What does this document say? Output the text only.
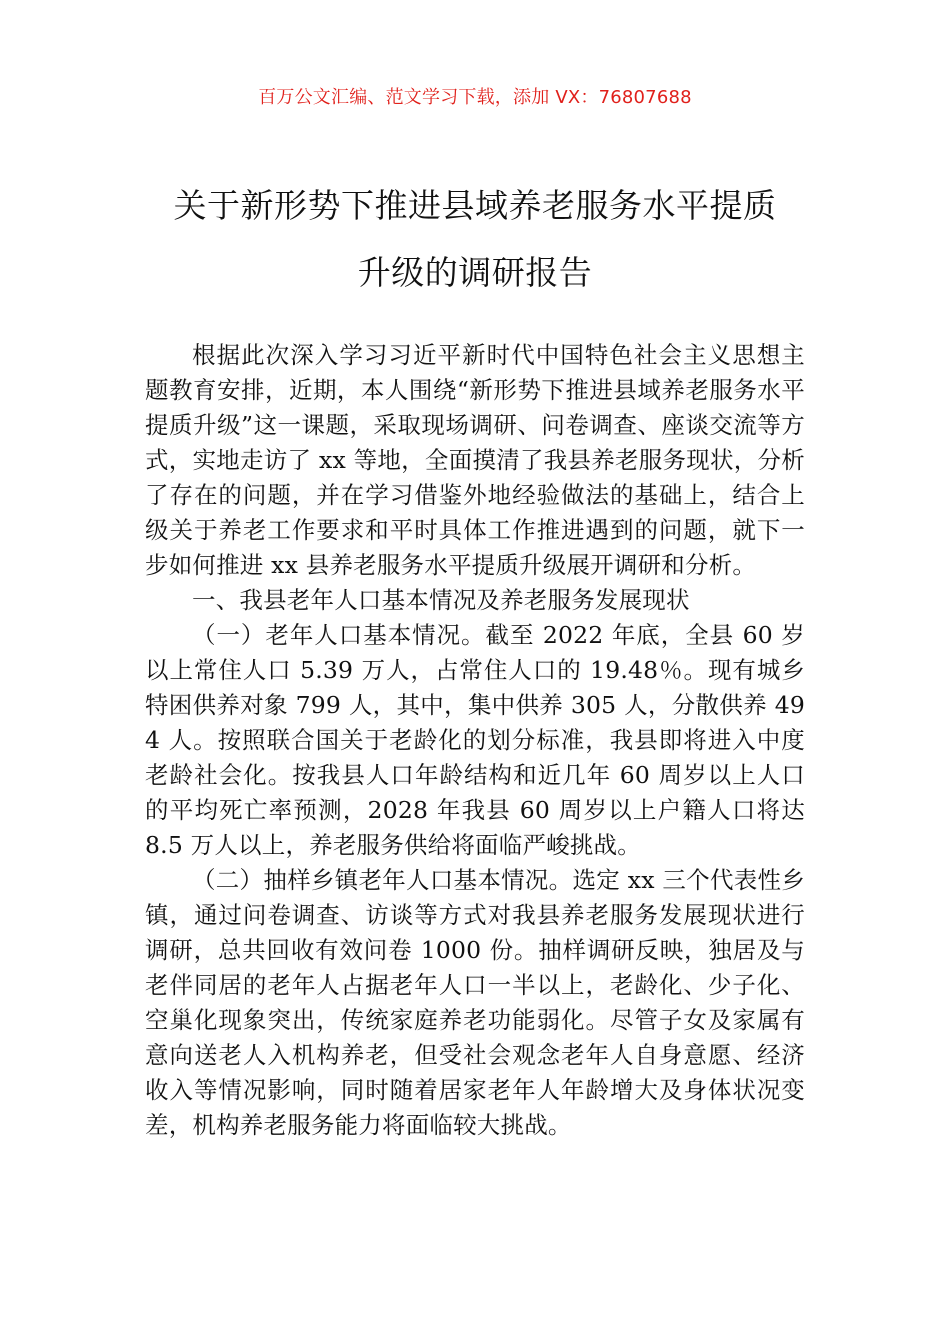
百万公文汇编、范文学习下载，添加 VX：76807688
关于新形势下推进县域养老服务水平提质
升级的调研报告

根据此次深入学习习近平新时代中国特色社会主义思想主题教育安排，近期，本人围绕“新形势下推进县域养老服务水平提质升级”这一课题，采取现场调研、问卷调查、座谈交流等方式，实地走访了 xx 等地，全面摸清了我县养老服务现状，分析了存在的问题，并在学习借鉴外地经验做法的基础上，结合上级关于养老工作要求和平时具体工作推进遇到的问题，就下一步如何推进 xx 县养老服务水平提质升级展开调研和分析。

一、我县老年人口基本情况及养老服务发展现状

（一）老年人口基本情况。截至 2022 年底，全县 60 岁以上常住人口 5.39 万人，占常住人口的 19.48％。现有城乡特困供养对象 799 人，其中，集中供养 305 人，分散供养 494 人。按照联合国关于老龄化的划分标准，我县即将进入中度老龄社会化。按我县人口年龄结构和近几年 60 周岁以上人口的平均死亡率预测，2028 年我县 60 周岁以上户籍人口将达 8.5 万人以上，养老服务供给将面临严峻挑战。

（二）抽样乡镇老年人口基本情况。选定 xx 三个代表性乡镇，通过问卷调查、访谈等方式对我县养老服务发展现状进行调研，总共回收有效问卷 1000 份。抽样调研反映，独居及与老伴同居的老年人占据老年人口一半以上，老龄化、少子化、空巢化现象突出，传统家庭养老功能弱化。尽管子女及家属有意向送老人入机构养老，但受社会观念老年人自身意愿、经济收入等情况影响，同时随着居家老年人年龄增大及身体状况变差，机构养老服务能力将面临较大挑战。
